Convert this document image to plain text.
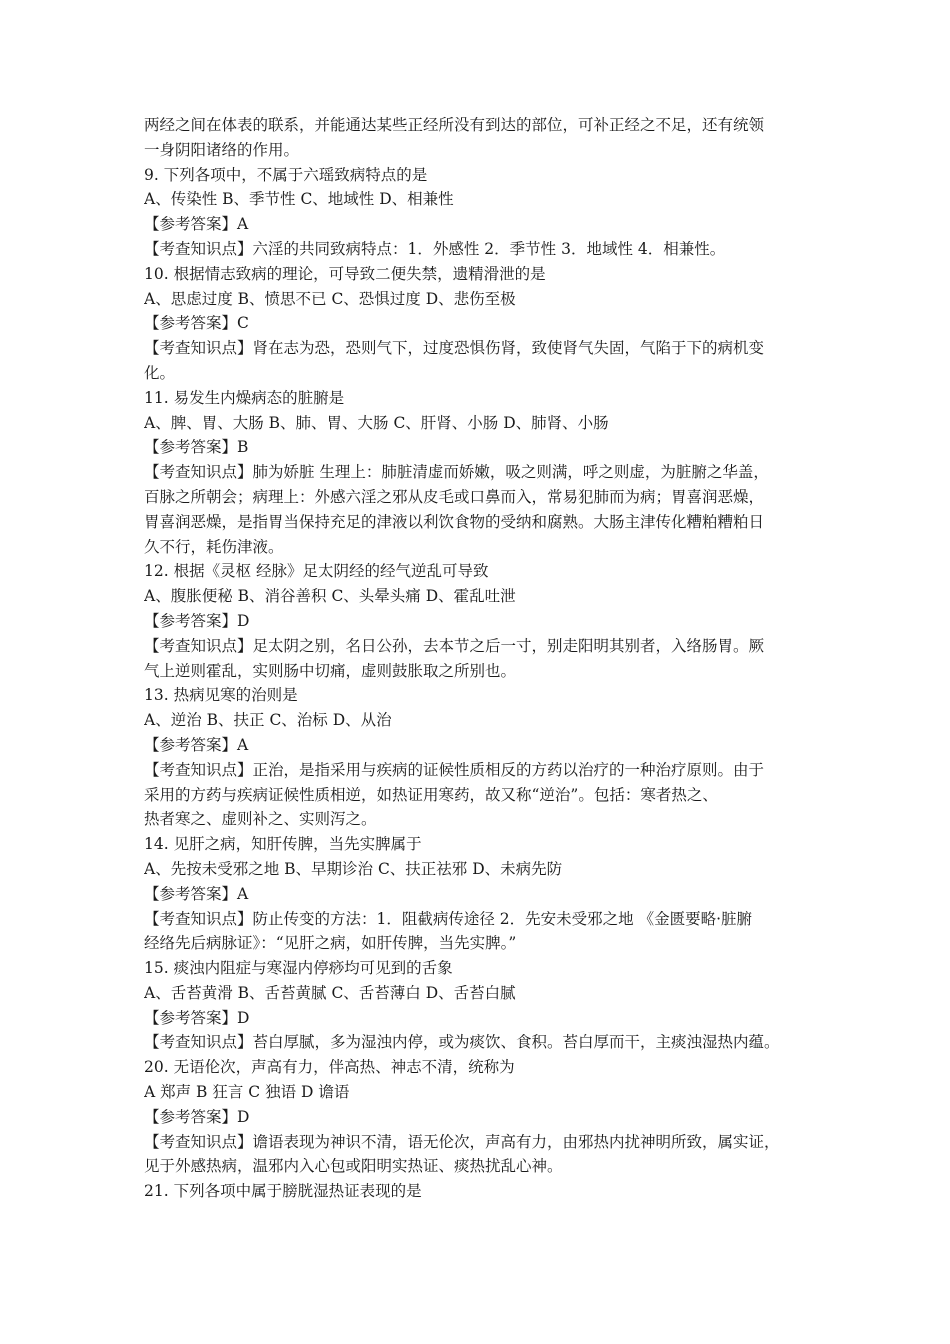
两经之间在体表的联系，并能通达某些正经所没有到达的部位，可补正经之不足，还有统领
一身阴阳诸络的作用。
9. 下列各项中，不属于六瑶致病特点的是
A、传染性 B、季节性 C、地域性 D、相兼性
【参考答案】A
【考查知识点】六淫的共同致病特点：1．外感性 2．季节性 3．地域性 4．相兼性。
10. 根据情志致病的理论，可导致二便失禁，遗精滑泄的是
A、思虑过度 B、愤思不已 C、恐惧过度 D、悲伤至极
【参考答案】C
【考查知识点】肾在志为恐，恐则气下，过度恐惧伤肾，致使肾气失固，气陷于下的病机变
化。
11. 易发生内燥病态的脏腑是
A、脾、胃、大肠 B、肺、胃、大肠 C、肝肾、小肠 D、肺肾、小肠
【参考答案】B
【考查知识点】肺为娇脏 生理上：肺脏清虚而娇嫩，吸之则满，呼之则虚，为脏腑之华盖，
百脉之所朝会；病理上：外感六淫之邪从皮毛或口鼻而入，常易犯肺而为病；胃喜润恶燥，
胃喜润恶燥，是指胃当保持充足的津液以利饮食物的受纳和腐熟。大肠主津传化糟粕糟粕日
久不行，耗伤津液。
12. 根据《灵枢 经脉》足太阴经的经气逆乱可导致
A、腹胀便秘 B、消谷善积 C、头晕头痛 D、霍乱吐泄
【参考答案】D
【考查知识点】足太阴之别，名日公孙，去本节之后一寸，别走阳明其别者，入络肠胃。厥
气上逆则霍乱，实则肠中切痛，虚则鼓胀取之所别也。
13. 热病见寒的治则是
A、逆治 B、扶正 C、治标 D、从治
【参考答案】A
【考查知识点】正治，是指采用与疾病的证候性质相反的方药以治疗的一种治疗原则。由于
采用的方药与疾病证候性质相逆，如热证用寒药，故又称“逆治”。包括：寒者热之、
热者寒之、虚则补之、实则泻之。
14. 见肝之病，知肝传脾，当先实脾属于
A、先按未受邪之地 B、早期诊治 C、扶正祛邪 D、未病先防
【参考答案】A
【考查知识点】防止传变的方法：1．阻截病传途径 2．先安未受邪之地 《金匮要略·脏腑
经络先后病脉证》：“见肝之病，如肝传脾，当先实脾。”
15. 痰浊内阻症与寒湿内停痧均可见到的舌象
A、舌苔黄滑 B、舌苔黄腻 C、舌苔薄白 D、舌苔白腻
【参考答案】D
【考查知识点】苔白厚腻，多为湿浊内停，或为痰饮、食积。苔白厚而干，主痰浊湿热内蕴。
20. 无语伦次，声高有力，伴高热、神志不清，统称为
A 郑声 B 狂言 C 独语 D 谵语
【参考答案】D
【考查知识点】谵语表现为神识不清，语无伦次，声高有力，由邪热内扰神明所致，属实证，
见于外感热病，温邪内入心包或阳明实热证、痰热扰乱心神。
21. 下列各项中属于膀胱湿热证表现的是
